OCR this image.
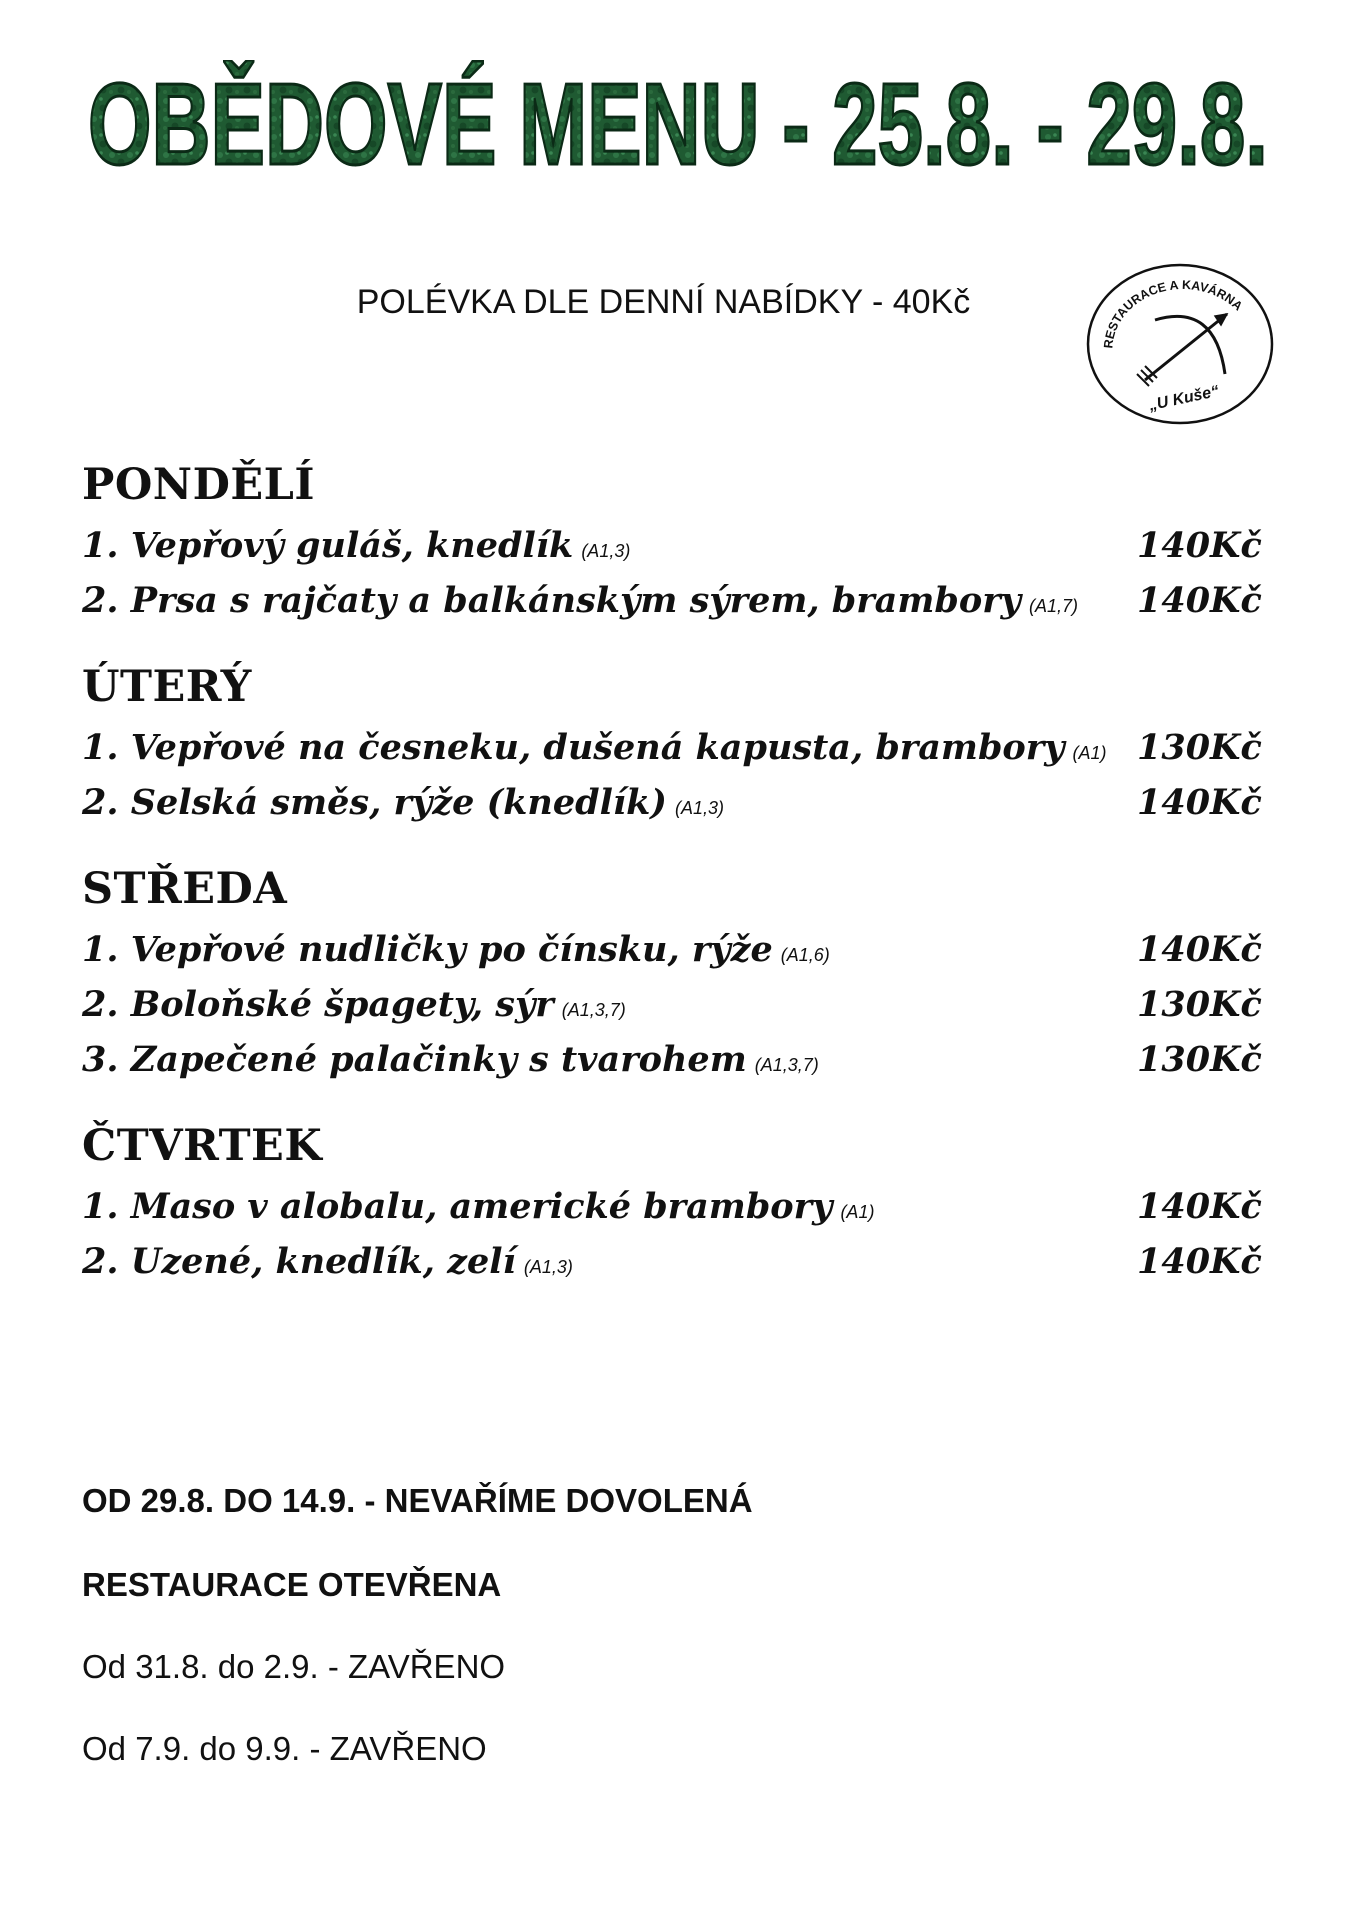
OBĚDOVÉ MENU - 25.8. - 29.8.
POLÉVKA DLE DENNÍ NABÍDKY - 40Kč
RESTAURACE A KAVÁRNA
„U Kuše“
PONDĚLÍ
1. Vepřový guláš, knedlík (A1,3)	140Kč
2. Prsa s rajčaty a balkánským sýrem, brambory (A1,7) 140Kč
ÚTERÝ
1. Vepřové na česneku, dušená kapusta, brambory (A1) 130Kč
2. Selská směs, rýže (knedlík) (A1,3)	140Kč
STŘEDA
1. Vepřové nudličky po čínsku, rýže (A1,6)	140Kč
2. Boloňské špagety, sýr (A1,3,7)	130Kč
3. Zapečené palačinky s tvarohem (A1,3,7)	130Kč
ČTVRTEK
1. Maso v alobalu, americké brambory (A1)	140Kč
2. Uzené, knedlík, zelí (A1,3)	140Kč
OD 29.8. DO 14.9. - NEVAŘÍME DOVOLENÁ
RESTAURACE OTEVŘENA
Od 31.8. do 2.9. - ZAVŘENO
Od 7.9. do 9.9. - ZAVŘENO
